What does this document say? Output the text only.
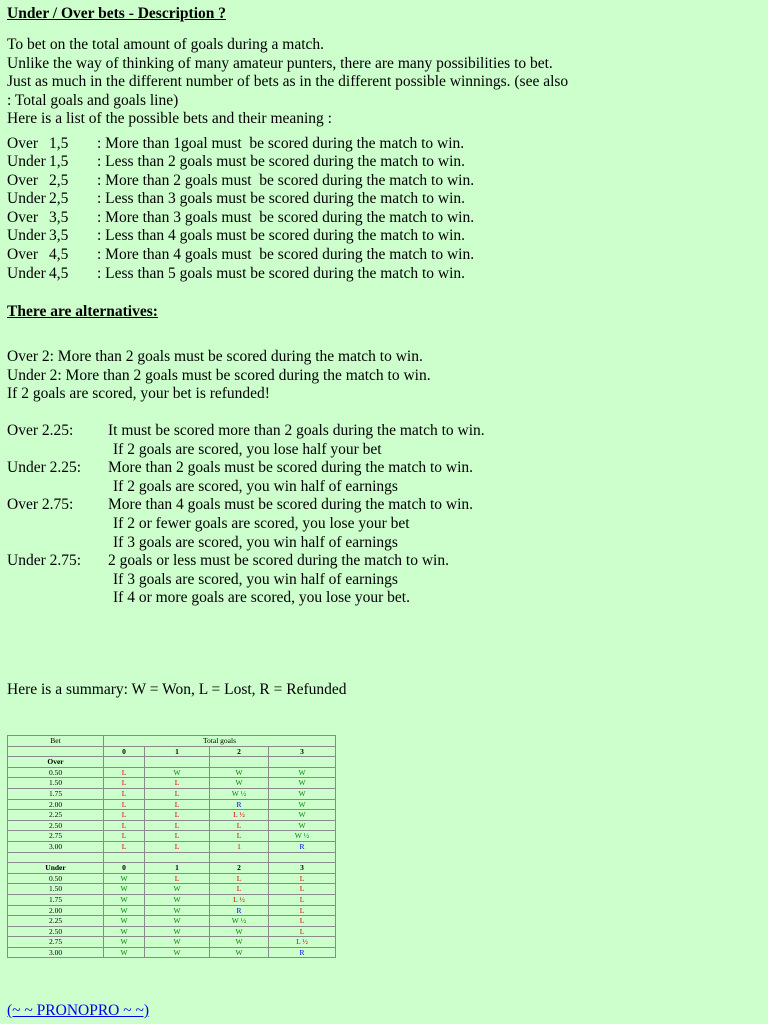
Under / Over bets - Description ?
To bet on the total amount of goals during a match.
Unlike the way of thinking of many amateur punters, there are many possibilities to bet.
Just as much in the different number of bets as in the different possible winnings. (see also
: Total goals and goals line)
Here is a list of the possible bets and their meaning :
Over 1,5 : More than 1goal must  be scored during the match to win.
Under 1,5 : Less than 2 goals must be scored during the match to win.
Over 2,5 : More than 2 goals must  be scored during the match to win.
Under 2,5 : Less than 3 goals must be scored during the match to win.
Over 3,5 : More than 3 goals must  be scored during the match to win.
Under 3,5 : Less than 4 goals must be scored during the match to win.
Over 4,5 : More than 4 goals must  be scored during the match to win.
Under 4,5 : Less than 5 goals must be scored during the match to win.
There are alternatives:
Over 2: More than 2 goals must be scored during the match to win.
Under 2: More than 2 goals must be scored during the match to win.
If 2 goals are scored, your bet is refunded!
Over 2.25:	It must be scored more than 2 goals during the match to win.
If 2 goals are scored, you lose half your bet
Under 2.25:	More than 2 goals must be scored during the match to win.
If 2 goals are scored, you win half of earnings
Over 2.75:	More than 4 goals must be scored during the match to win.
If 2 or fewer goals are scored, you lose your bet
If 3 goals are scored, you win half of earnings
Under 2.75:	2 goals or less must be scored during the match to win.
If 3 goals are scored, you win half of earnings
If 4 or more goals are scored, you lose your bet.
Here is a summary: W = Won, L = Lost, R = Refunded
Bet	Total goals			
	0	1	2	3
Over				
0.50	L	W	W	W
1.50	L	L	W	W
1.75	L	L	W ½	W
2.00	L	L	R	W
2.25	L	L	L ½	W
2.50	L	L	L	W
2.75	L	L	L	W ½
3.00	L	L	1	R

Under	0	1	2	3
0.50	W	L	L	L
1.50	W	W	L	L
1.75	W	W	L ½	L
2.00	W	W	R	L
2.25	W	W	W ½	L
2.50	W	W	W	L
2.75	W	W	W	L ½
3.00	W	W	W	R
(~ ~ PRONOPRO ~ ~)
